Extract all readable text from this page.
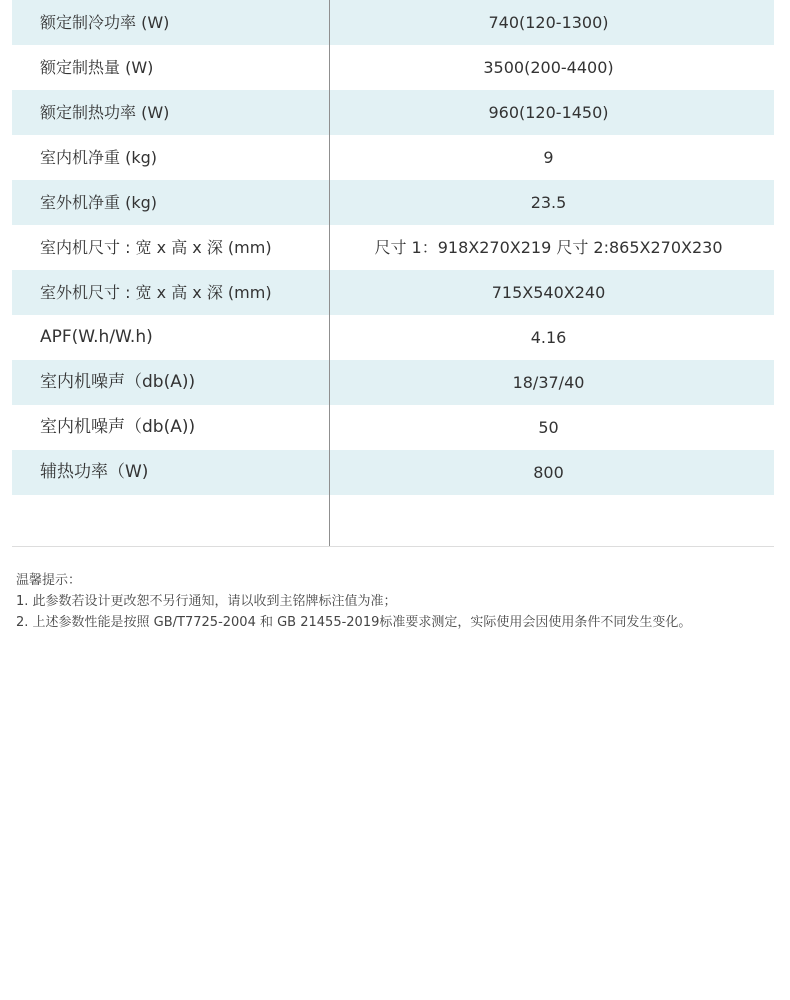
额定制冷功率 (W)	740(120-1300)
额定制热量 (W)	3500(200-4400)
额定制热功率 (W)	960(120-1450)
室内机净重 (kg)	9
室外机净重 (kg)	23.5
室内机尺寸 : 宽 x 高 x 深 (mm)	尺寸 1：918X270X219 尺寸 2:865X270X230
室外机尺寸 : 宽 x 高 x 深 (mm)	715X540X240
APF(W.h/W.h)	4.16
室内机噪声（db(A))	18/37/40
室内机噪声（db(A))	50
辅热功率（W)	800
温馨提示：
1. 此参数若设计更改恕不另行通知，请以收到主铭牌标注值为准；
2. 上述参数性能是按照 GB/T7725-2004 和 GB 21455-2019标准要求测定，实际使用会因使用条件不同发生变化。
